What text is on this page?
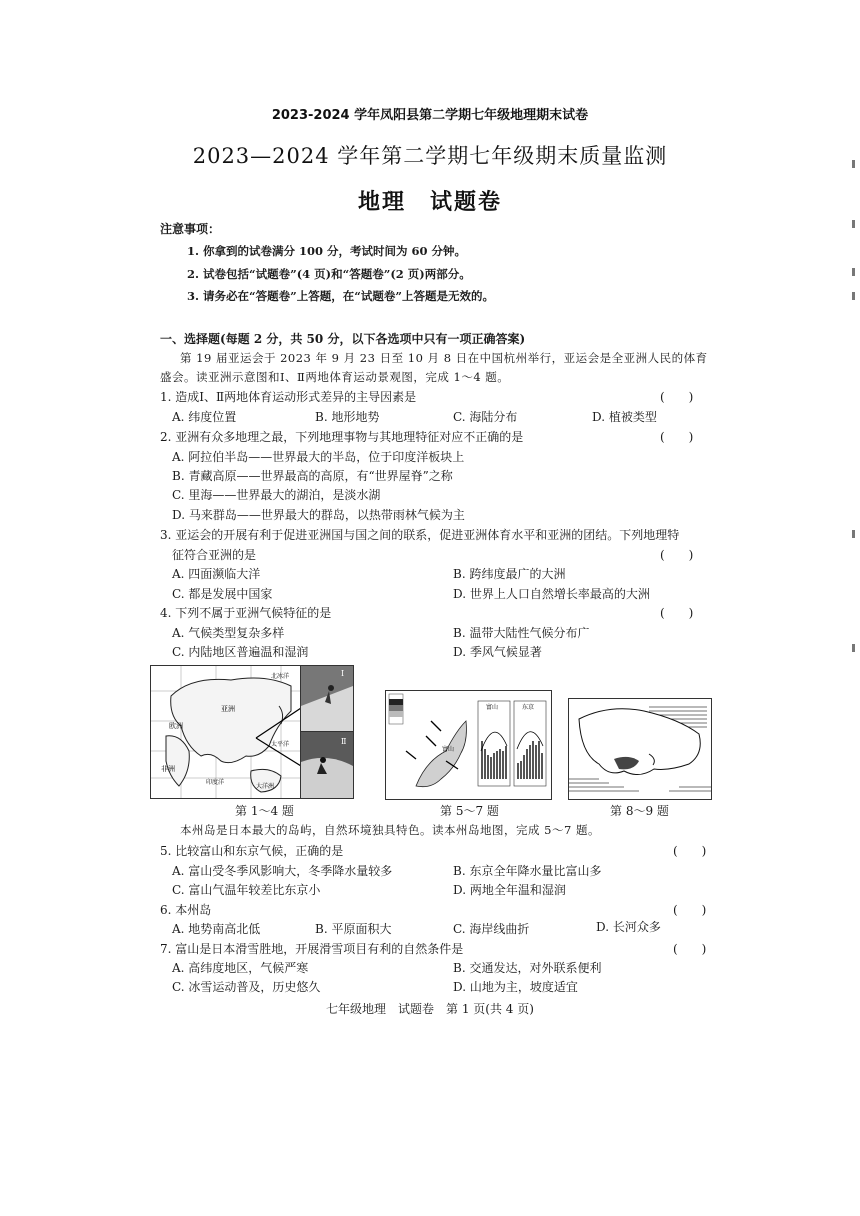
2023-2024 学年凤阳县第二学期七年级地理期末试卷
2023—2024 学年第二学期七年级期末质量监测
地理　试题卷
注意事项：
1. 你拿到的试卷满分 100 分，考试时间为 60 分钟。
2. 试卷包括“试题卷”(4 页)和“答题卷”(2 页)两部分。
3. 请务必在“答题卷”上答题，在“试题卷”上答题是无效的。
一、选择题(每题 2 分，共 50 分，以下各选项中只有一项正确答案)
第 19 届亚运会于 2023 年 9 月 23 日至 10 月 8 日在中国杭州举行，亚运会是全亚洲人民的体育
盛会。读亚洲示意图和Ⅰ、Ⅱ两地体育运动景观图，完成 1～4 题。
1. 造成Ⅰ、Ⅱ两地体育运动形式差异的主导因素是	(　　)
A. 纬度位置	B. 地形地势	C. 海陆分布	D. 植被类型
2. 亚洲有众多地理之最，下列地理事物与其地理特征对应不正确的是	(　　)
A. 阿拉伯半岛——世界最大的半岛，位于印度洋板块上
B. 青藏高原——世界最高的高原，有“世界屋脊”之称
C. 里海——世界最大的湖泊，是淡水湖
D. 马来群岛——世界最大的群岛，以热带雨林气候为主
3. 亚运会的开展有利于促进亚洲国与国之间的联系，促进亚洲体育水平和亚洲的团结。下列地理特
征符合亚洲的是	(　　)
A. 四面濒临大洋	B. 跨纬度最广的大洲
C. 都是发展中国家	D. 世界上人口自然增长率最高的大洲
4. 下列不属于亚洲气候特征的是	(　　)
A. 气候类型复杂多样	B. 温带大陆性气候分布广
C. 内陆地区普遍温和湿润	D. 季风气候显著
欧洲
亚洲
北冰洋
太平洋
非洲
印度洋
大洋洲
Ⅰ
Ⅱ
第 1～4 题
富山
富山	东京
第 5～7 题	第 8～9 题
本州岛是日本最大的岛屿，自然环境独具特色。读本州岛地图，完成 5～7 题。
5. 比较富山和东京气候，正确的是	(　　)
A. 富山受冬季风影响大，冬季降水量较多	B. 东京全年降水量比富山多
C. 富山气温年较差比东京小	D. 两地全年温和湿润
6. 本州岛	(　　)
A. 地势南高北低	B. 平原面积大	C. 海岸线曲折	D. 长河众多
7. 富山是日本滑雪胜地，开展滑雪项目有利的自然条件是	(　　)
A. 高纬度地区，气候严寒	B. 交通发达，对外联系便利
C. 冰雪运动普及，历史悠久	D. 山地为主，坡度适宜
七年级地理　试题卷　第 1 页(共 4 页)
